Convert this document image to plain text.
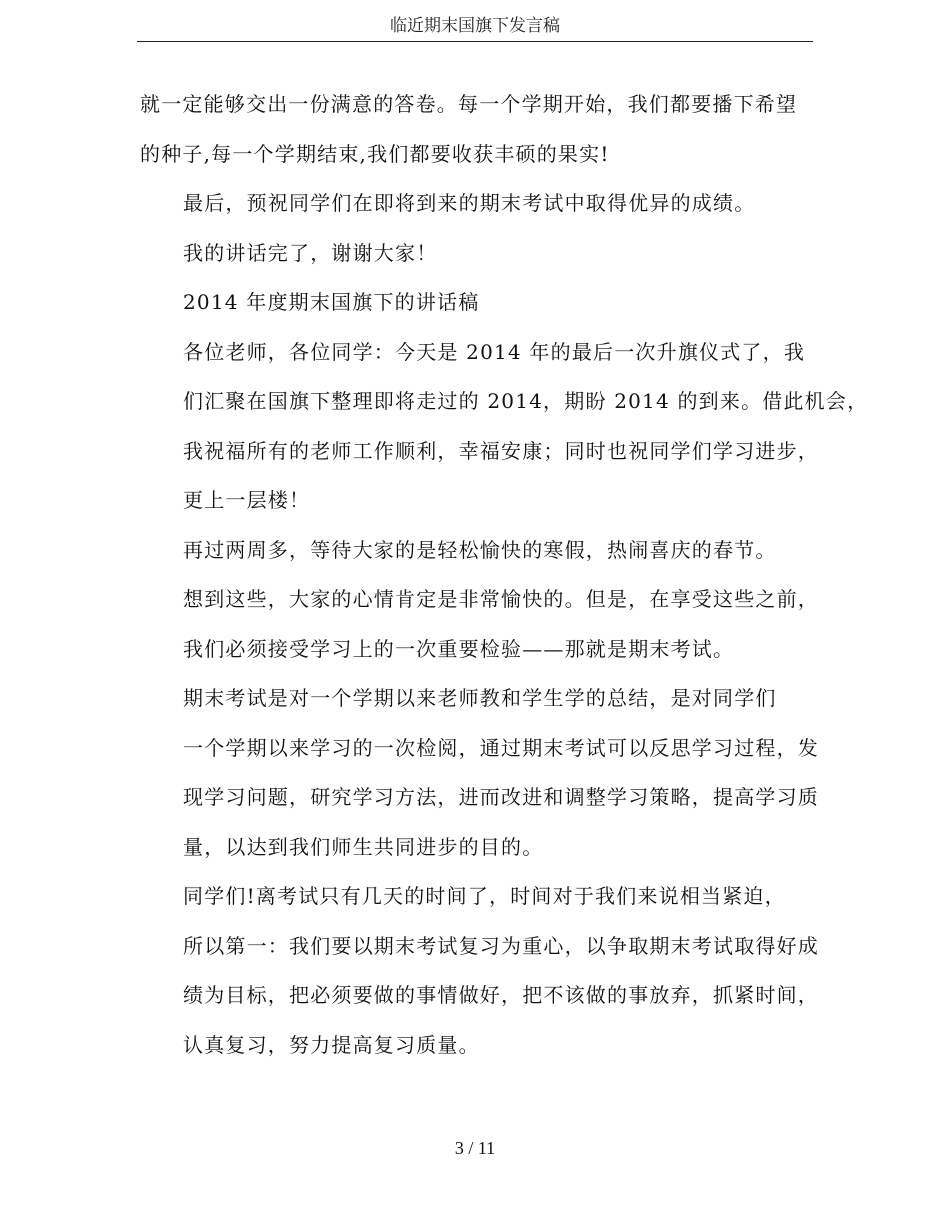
临近期末国旗下发言稿

就一定能够交出一份满意的答卷。每一个学期开始，我们都要播下希望
的种子,每一个学期结束,我们都要收获丰硕的果实!

最后，预祝同学们在即将到来的期末考试中取得优异的成绩。

我的讲话完了，谢谢大家！

2014 年度期末国旗下的讲话稿

各位老师，各位同学：今天是 2014 年的最后一次升旗仪式了，我
们汇聚在国旗下整理即将走过的 2014，期盼 2014 的到来。借此机会，
我祝福所有的老师工作顺利，幸福安康；同时也祝同学们学习进步，
更上一层楼！

再过两周多，等待大家的是轻松愉快的寒假，热闹喜庆的春节。
想到这些，大家的心情肯定是非常愉快的。但是，在享受这些之前，
我们必须接受学习上的一次重要检验——那就是期末考试。

期末考试是对一个学期以来老师教和学生学的总结，是对同学们
一个学期以来学习的一次检阅，通过期末考试可以反思学习过程，发
现学习问题，研究学习方法，进而改进和调整学习策略，提高学习质
量，以达到我们师生共同进步的目的。

同学们!离考试只有几天的时间了，时间对于我们来说相当紧迫，
所以第一：我们要以期末考试复习为重心，以争取期末考试取得好成
绩为目标，把必须要做的事情做好，把不该做的事放弃，抓紧时间，
认真复习，努力提高复习质量。

3 / 11
